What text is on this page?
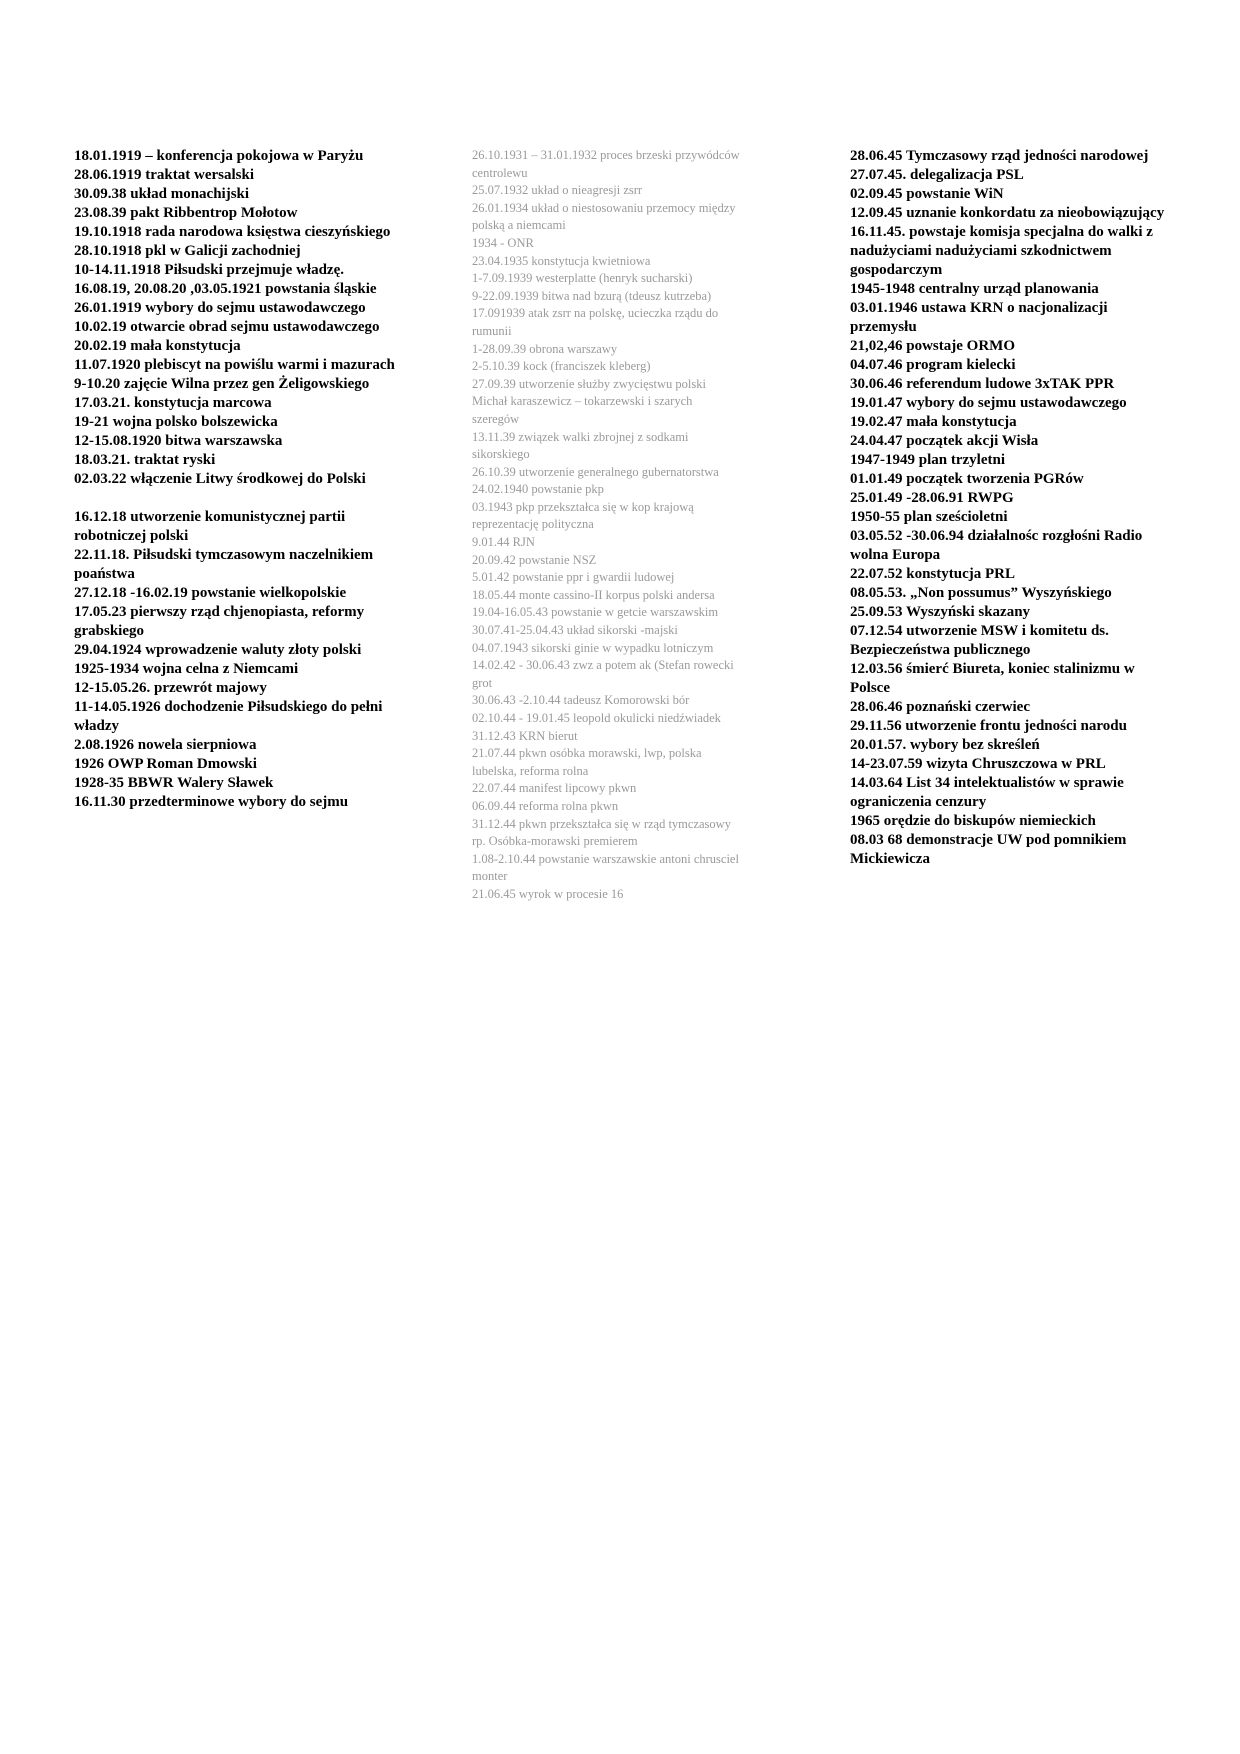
18.01.1919 – konferencja pokojowa w Paryżu

28.06.1919 traktat wersalski

30.09.38 układ monachijski

23.08.39 pakt Ribbentrop Mołotow

19.10.1918 rada narodowa księstwa cieszyńskiego

28.10.1918 pkl w Galicji zachodniej

10-14.11.1918 Piłsudski przejmuje władzę.

16.08.19, 20.08.20 ,03.05.1921 powstania śląskie

26.01.1919 wybory do sejmu ustawodawczego

10.02.19 otwarcie obrad sejmu ustawodawczego

20.02.19 mała konstytucja

11.07.1920 plebiscyt na powiślu warmi i mazurach

9-10.20 zajęcie Wilna przez gen Żeligowskiego

17.03.21. konstytucja marcowa

19-21 wojna polsko bolszewicka

12-15.08.1920 bitwa warszawska

18.03.21. traktat ryski

02.03.22 włączenie Litwy środkowej do Polski

16.12.18 utworzenie komunistycznej partii robotniczej polski

22.11.18. Piłsudski tymczasowym naczelnikiem poaństwa

27.12.18 -16.02.19 powstanie wielkopolskie

17.05.23 pierwszy rząd chjenopiasta, reformy grabskiego

29.04.1924 wprowadzenie waluty złoty polski

1925-1934 wojna celna z Niemcami

12-15.05.26. przewrót majowy

11-14.05.1926 dochodzenie Piłsudskiego do pełni władzy

2.08.1926 nowela sierpniowa

1926 OWP Roman Dmowski

1928-35 BBWR Walery Sławek

16.11.30 przedterminowe wybory do sejmu

26.10.1931 – 31.01.1932 proces brzeski przywódców centrolewu

25.07.1932 układ o nieagresji zsrr

26.01.1934 układ o niestosowaniu przemocy między polską a niemcami

1934 - ONR

23.04.1935 konstytucja kwietniowa

1-7.09.1939 westerplatte (henryk sucharski)

9-22.09.1939 bitwa nad bzurą (tdeusz kutrzeba)

17.091939 atak zsrr na polskę, ucieczka rządu do rumunii

1-28.09.39 obrona warszawy

2-5.10.39 kock (franciszek kleberg)

27.09.39 utworzenie służby zwycięstwu polski Michał karaszewicz – tokarzewski i szarych szeregów

13.11.39 związek walki zbrojnej z sodkami sikorskiego

26.10.39 utworzenie generalnego gubernatorstwa

24.02.1940 powstanie pkp

03.1943 pkp przekształca się w kop krajową reprezentację polityczna

9.01.44 RJN

20.09.42 powstanie NSZ

5.01.42 powstanie ppr i gwardii ludowej

18.05.44 monte cassino-II korpus polski andersa

19.04-16.05.43 powstanie w getcie warszawskim

30.07.41-25.04.43 układ sikorski -majski

04.07.1943 sikorski ginie w wypadku lotniczym

14.02.42 - 30.06.43 zwz a potem ak (Stefan rowecki grot

30.06.43 -2.10.44 tadeusz Komorowski bór

02.10.44 - 19.01.45 leopold okulicki niedźwiadek

31.12.43 KRN bierut

21.07.44 pkwn osóbka morawski, lwp, polska lubelska, reforma rolna

22.07.44 manifest lipcowy pkwn

06.09.44 reforma rolna pkwn

31.12.44 pkwn przekształca się w rząd tymczasowy rp. Osóbka-morawski premierem

1.08-2.10.44 powstanie warszawskie antoni chrusciel monter

21.06.45 wyrok w procesie 16

28.06.45 Tymczasowy rząd jedności narodowej

27.07.45. delegalizacja PSL

02.09.45 powstanie WiN

12.09.45 uznanie konkordatu za nieobowiązujący

16.11.45. powstaje komisja specjalna do walki z nadużyciami nadużyciami szkodnictwem gospodarczym

1945-1948 centralny urząd planowania

03.01.1946 ustawa KRN o nacjonalizacji przemysłu

21,02,46 powstaje ORMO

04.07.46 program kielecki

30.06.46 referendum ludowe 3xTAK PPR

19.01.47 wybory do sejmu ustawodawczego

19.02.47 mała konstytucja

24.04.47 początek akcji Wisła

1947-1949 plan trzyletni

01.01.49 początek tworzenia PGRów

25.01.49 -28.06.91 RWPG

1950-55 plan sześcioletni

03.05.52 -30.06.94 działalnośc rozgłośni Radio wolna Europa

22.07.52 konstytucja PRL

08.05.53. „Non possumus” Wyszyńskiego

25.09.53 Wyszyński skazany

07.12.54 utworzenie MSW i komitetu ds. Bezpieczeństwa publicznego

12.03.56 śmierć Biureta, koniec stalinizmu w Polsce

28.06.46 poznański czerwiec

29.11.56 utworzenie frontu jedności narodu

20.01.57. wybory bez skreśleń

14-23.07.59 wizyta Chruszczowa w PRL

14.03.64 List 34 intelektualistów w sprawie ograniczenia cenzury

1965 orędzie do biskupów niemieckich

08.03 68 demonstracje UW pod pomnikiem Mickiewicza
